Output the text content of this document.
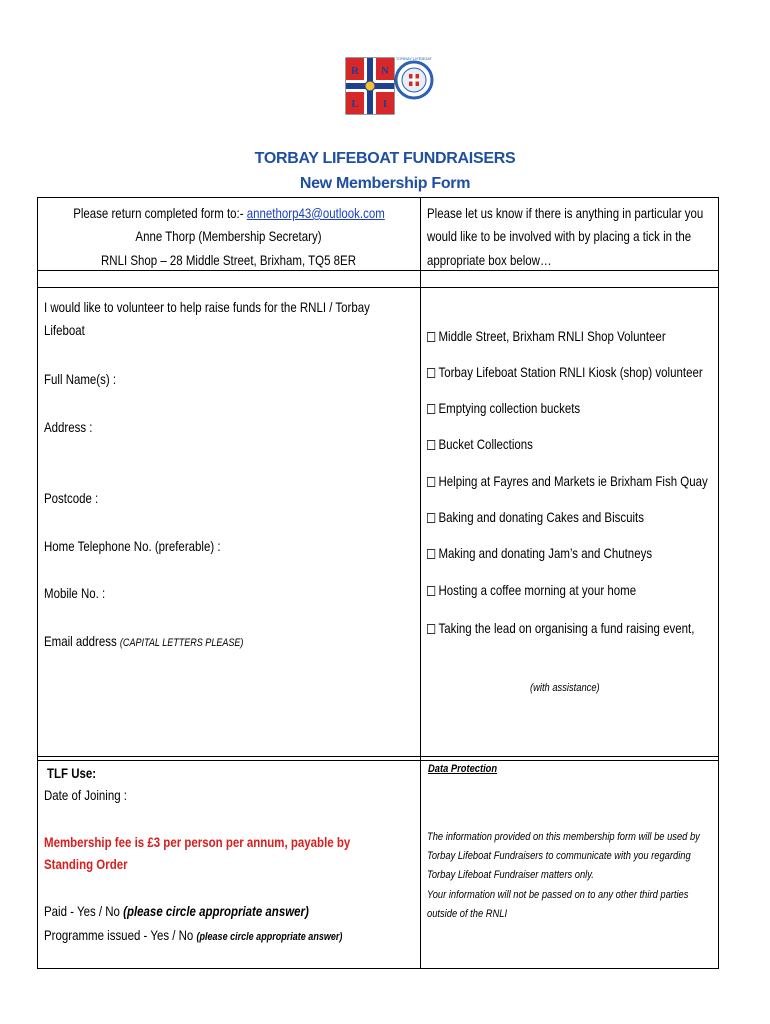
R N
L I
TORBAY LIFEBOAT
TORBAY LIFEBOAT FUNDRAISERS
New Membership Form
Please return completed form to:- annethorp43@outlook.com
Anne Thorp (Membership Secretary)
RNLI Shop – 28 Middle Street, Brixham, TQ5 8ER
Please let us know if there is anything in particular you
would like to be involved with by placing a tick in the
appropriate box below…
I would like to volunteer to help raise funds for the RNLI / Torbay
Lifeboat
Full Name(s) :
Address :
Postcode :
Home Telephone No. (preferable) :
Mobile No. :
Email address (CAPITAL LETTERS PLEASE)
Middle Street, Brixham RNLI Shop Volunteer
Torbay Lifeboat Station RNLI Kiosk (shop) volunteer
Emptying collection buckets
Bucket Collections
Helping at Fayres and Markets ie Brixham Fish Quay
Baking and donating Cakes and Biscuits
Making and donating Jam’s and Chutneys
Hosting a coffee morning at your home
Taking the lead on organising a fund raising event,
(with assistance)
TLF Use:
Date of Joining :
Membership fee is £3 per person per annum, payable by
Standing Order
Paid - Yes / No (please circle appropriate answer)
Programme issued - Yes / No (please circle appropriate answer)
Data Protection
The information provided on this membership form will be used by
Torbay Lifeboat Fundraisers to communicate with you regarding
Torbay Lifeboat Fundraiser matters only.
Your information will not be passed on to any other third parties
outside of the RNLI
